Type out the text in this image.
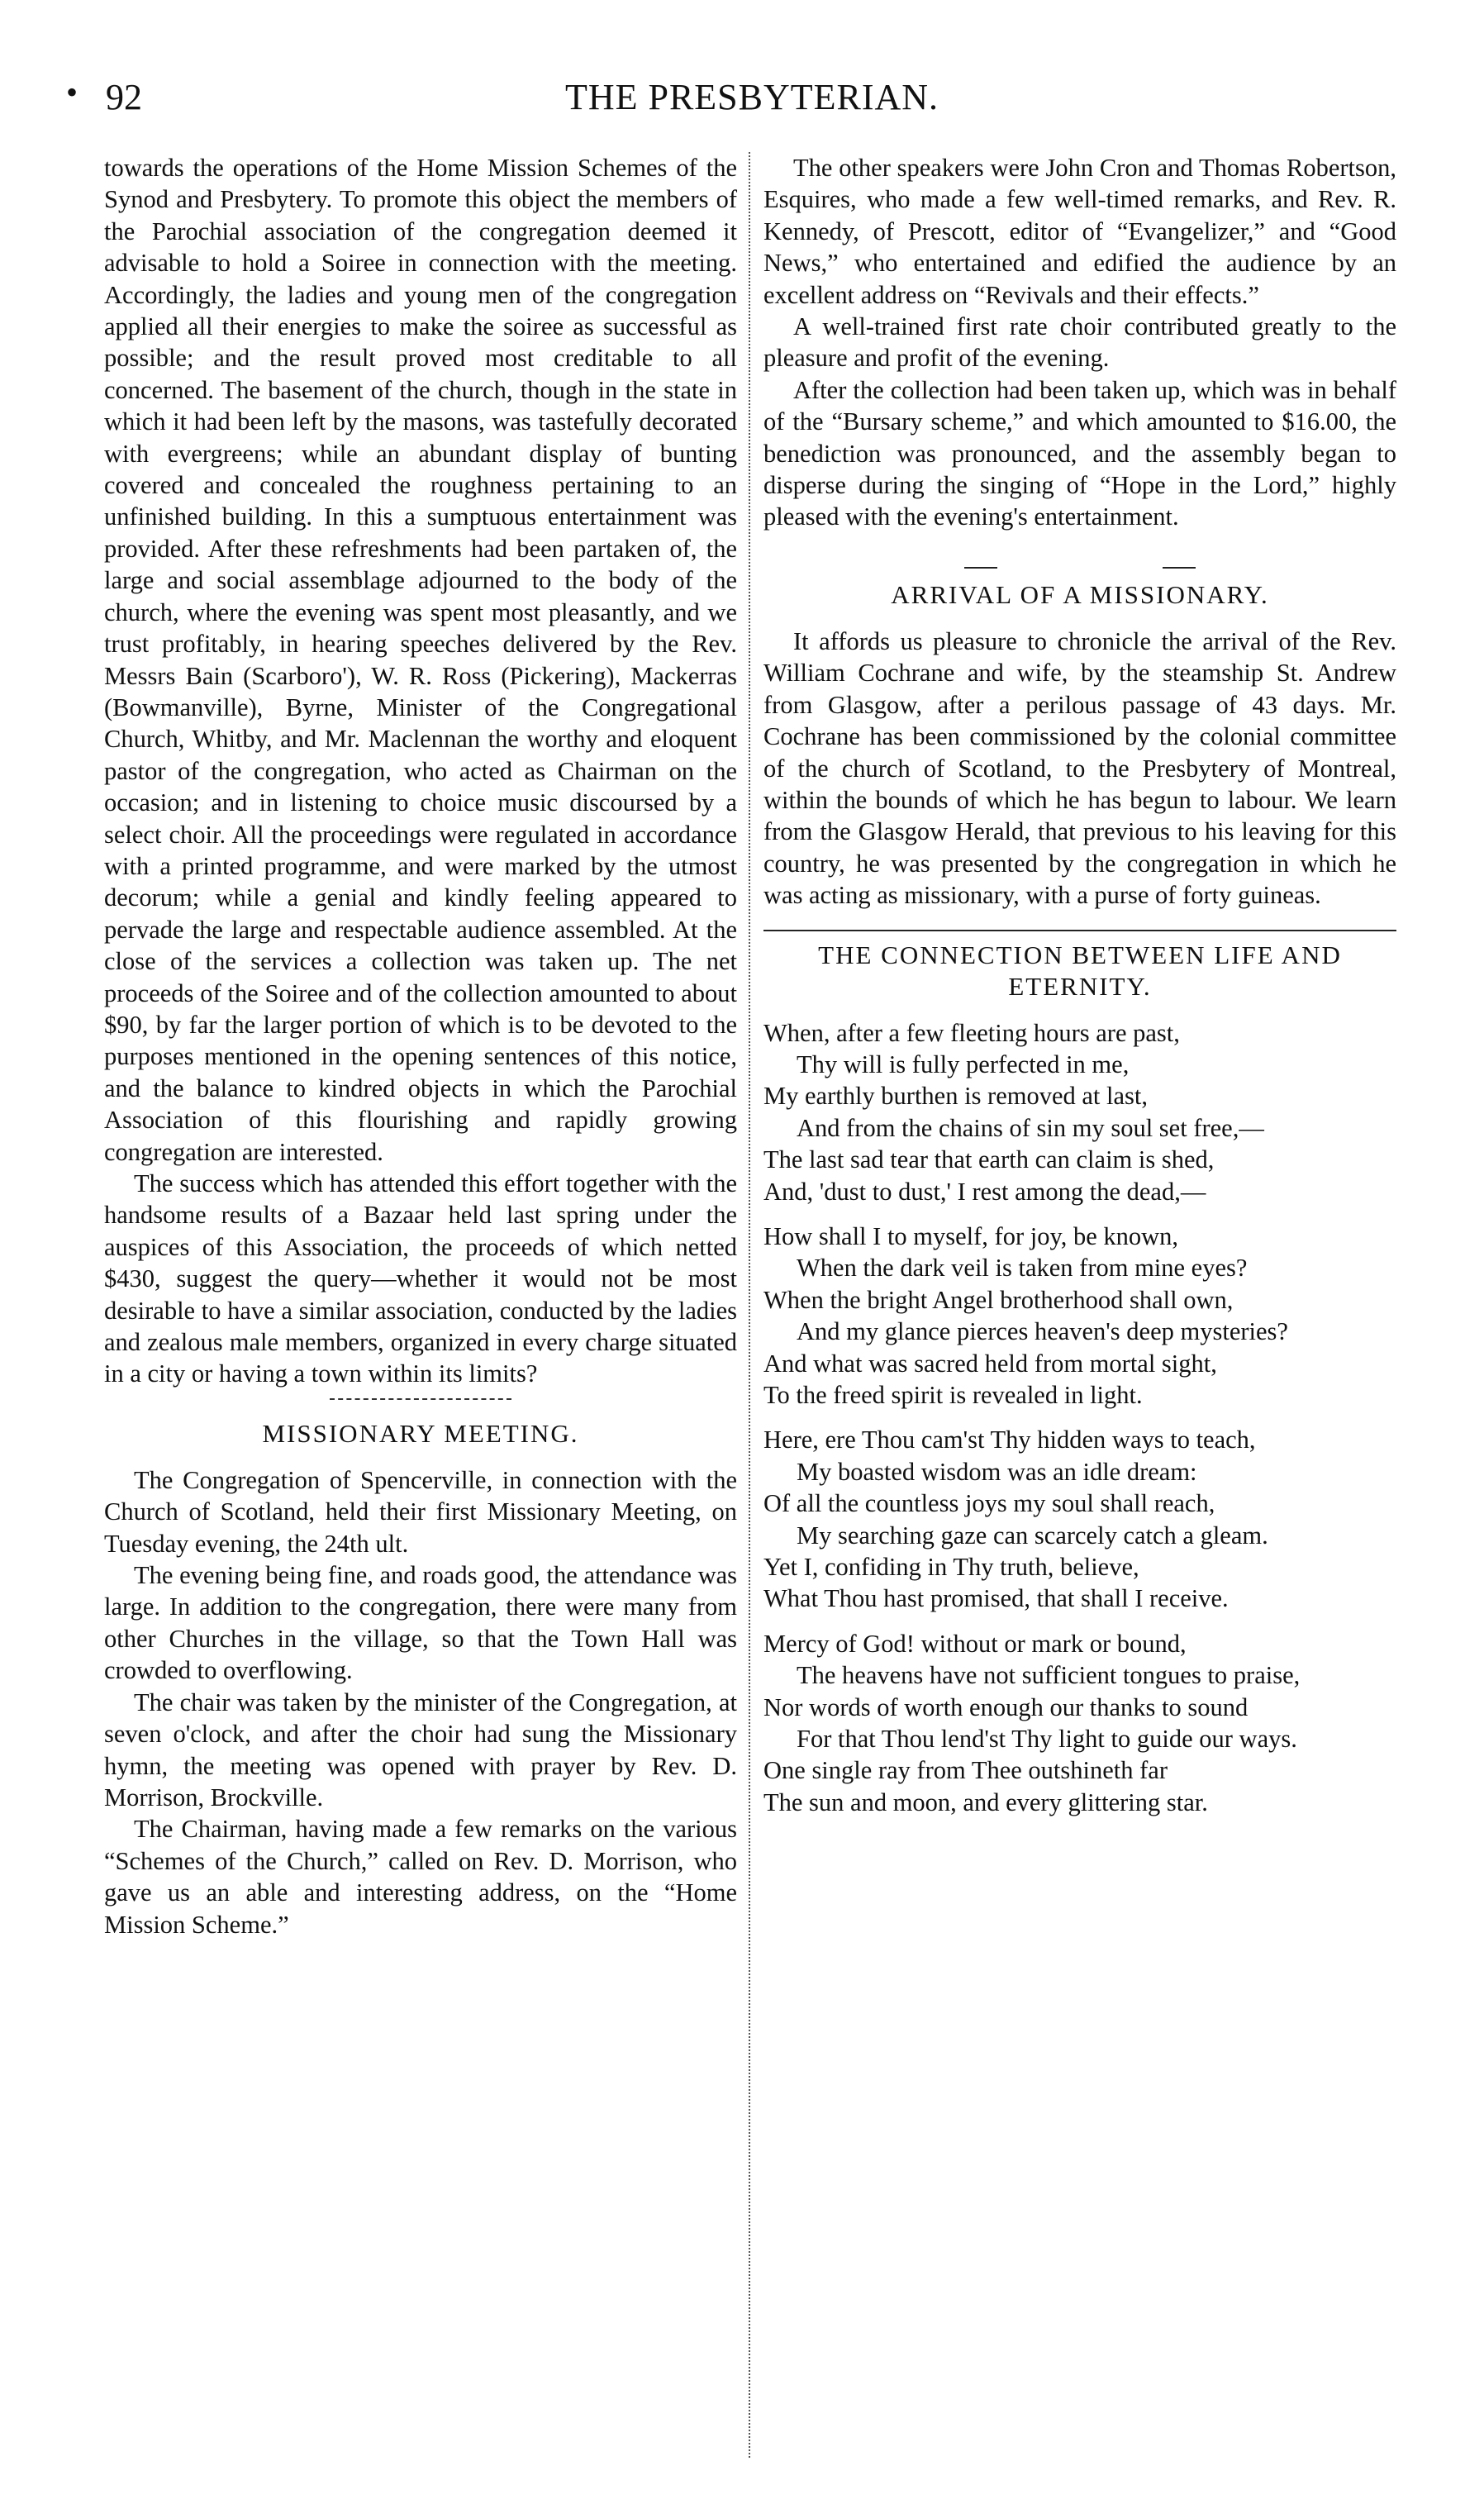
• 92	THE PRESBYTERIAN.

towards the operations of the Home Mission Schemes of the Synod and Presbytery. To promote this object the members of the Parochial association of the congregation deemed it advisable to hold a Soiree in connection with the meeting. Accordingly, the ladies and young men of the congregation applied all their energies to make the soiree as successful as possible; and the result proved most creditable to all concerned. The basement of the church, though in the state in which it had been left by the masons, was tastefully decorated with evergreens; while an abundant display of bunting covered and concealed the roughness pertaining to an unfinished building. In this a sumptuous entertainment was provided. After these refreshments had been partaken of, the large and social assemblage adjourned to the body of the church, where the evening was spent most pleasantly, and we trust profitably, in hearing speeches delivered by the Rev. Messrs Bain (Scarboro'), W. R. Ross (Pickering), Mackerras (Bowmanville), Byrne, Minister of the Congregational Church, Whitby, and Mr. Maclennan the worthy and eloquent pastor of the congregation, who acted as Chairman on the occasion; and in listening to choice music discoursed by a select choir. All the proceedings were regulated in accordance with a printed programme, and were marked by the utmost decorum; while a genial and kindly feeling appeared to pervade the large and respectable audience assembled. At the close of the services a collection was taken up. The net proceeds of the Soiree and of the collection amounted to about $90, by far the larger portion of which is to be devoted to the purposes mentioned in the opening sentences of this notice, and the balance to kindred objects in which the Parochial Association of this flourishing and rapidly growing congregation are interested.

The success which has attended this effort together with the handsome results of a Bazaar held last spring under the auspices of this Association, the proceeds of which netted $430, suggest the query—whether it would not be most desirable to have a similar association, conducted by the ladies and zealous male members, organized in every charge situated in a city or having a town within its limits?

MISSIONARY MEETING.

The Congregation of Spencerville, in connection with the Church of Scotland, held their first Missionary Meeting, on Tuesday evening, the 24th ult.

The evening being fine, and roads good, the attendance was large. In addition to the congregation, there were many from other Churches in the village, so that the Town Hall was crowded to overflowing.

The chair was taken by the minister of the Congregation, at seven o'clock, and after the choir had sung the Missionary hymn, the meeting was opened with prayer by Rev. D. Morrison, Brockville.

The Chairman, having made a few remarks on the various “Schemes of the Church,” called on Rev. D. Morrison, who gave us an able and interesting address, on the “Home Mission Scheme.”

The other speakers were John Cron and Thomas Robertson, Esquires, who made a few well-timed remarks, and Rev. R. Kennedy, of Prescott, editor of “Evangelizer,” and “Good News,” who entertained and edified the audience by an excellent address on “Revivals and their effects.”

A well-trained first rate choir contributed greatly to the pleasure and profit of the evening.

After the collection had been taken up, which was in behalf of the “Bursary scheme,” and which amounted to $16.00, the benediction was pronounced, and the assembly began to disperse during the singing of “Hope in the Lord,” highly pleased with the evening's entertainment.

ARRIVAL OF A MISSIONARY.

It affords us pleasure to chronicle the arrival of the Rev. William Cochrane and wife, by the steamship St. Andrew from Glasgow, after a perilous passage of 43 days. Mr. Cochrane has been commissioned by the colonial committee of the church of Scotland, to the Presbytery of Montreal, within the bounds of which he has begun to labour. We learn from the Glasgow Herald, that previous to his leaving for this country, he was presented by the congregation in which he was acting as missionary, with a purse of forty guineas.

THE CONNECTION BETWEEN LIFE AND
ETERNITY.
When, after a few fleeting hours are past,
Thy will is fully perfected in me,
My earthly burthen is removed at last,
And from the chains of sin my soul set free,—
The last sad tear that earth can claim is shed,
And, 'dust to dust,' I rest among the dead,—
How shall I to myself, for joy, be known,
When the dark veil is taken from mine eyes?
When the bright Angel brotherhood shall own,
And my glance pierces heaven's deep mysteries?
And what was sacred held from mortal sight,
To the freed spirit is revealed in light.
Here, ere Thou cam'st Thy hidden ways to teach,
My boasted wisdom was an idle dream:
Of all the countless joys my soul shall reach,
My searching gaze can scarcely catch a gleam.
Yet I, confiding in Thy truth, believe,
What Thou hast promised, that shall I receive.
Mercy of God! without or mark or bound,
The heavens have not sufficient tongues to praise,
Nor words of worth enough our thanks to sound
For that Thou lend'st Thy light to guide our ways.
One single ray from Thee outshineth far
The sun and moon, and every glittering star.
